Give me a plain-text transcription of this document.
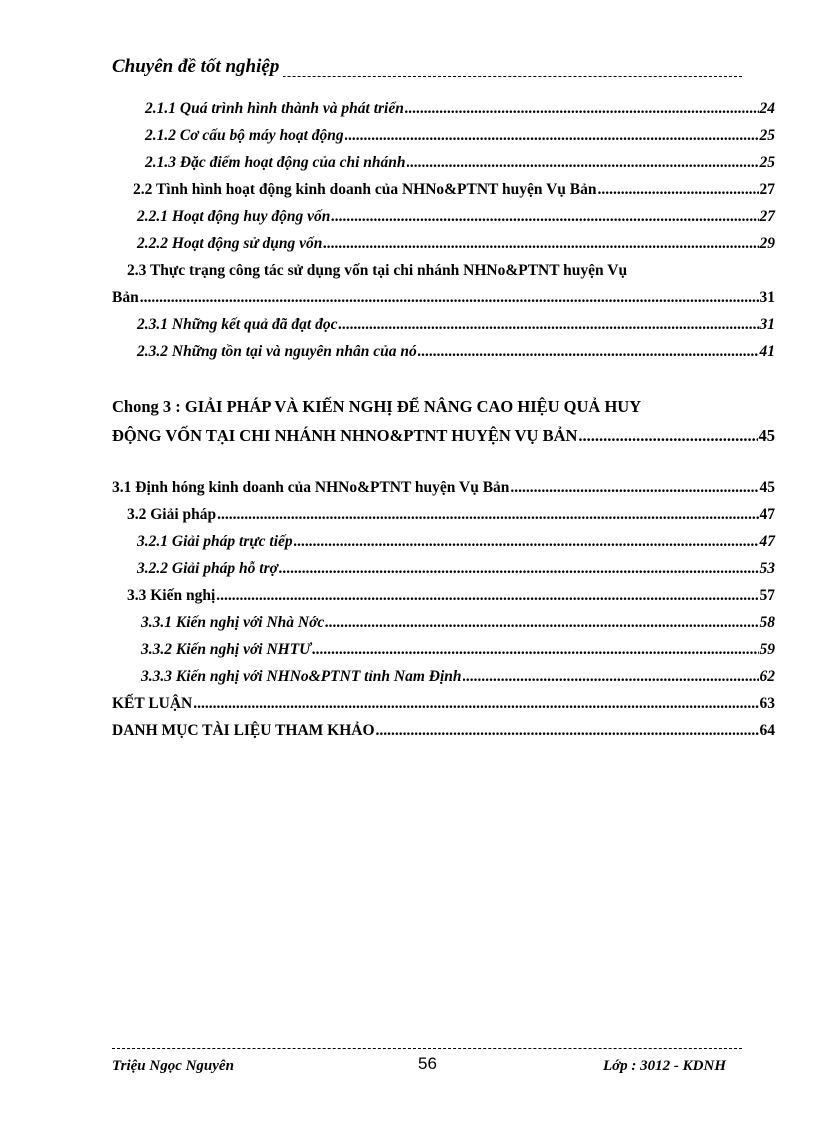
Chuyên đề tốt nghiệp
2.1.1 Quá trình hình thành và phát triển .....	24
2.1.2 Cơ cấu bộ máy hoạt động .....	25
2.1.3 Đặc điểm hoạt động của chi nhánh .....	25
2.2 Tình hình hoạt động kinh doanh của NHNo&PTNT huyện Vụ Bản .....	27
2.2.1 Hoạt động huy động vốn .....	27
2.2.2 Hoạt động sử dụng vốn .....	29
2.3 Thực trạng công tác sử dụng vốn tại chi nhánh NHNo&PTNT huyện Vụ
Bản .....	31
2.3.1 Những kết quả đã đạt đọc .....	31
2.3.2 Những tồn tại và nguyên nhân của nó .....	41
Chong 3 : GIẢI PHÁP VÀ KIẾN NGHỊ ĐỂ NÂNG CAO HIỆU QUẢ HUY
ĐỘNG VỐN TẠI CHI NHÁNH NHNO&PTNT HUYỆN VỤ BẢN .....	45
3.1 Định hóng kinh doanh của NHNo&PTNT huyện Vụ Bản .....	45
3.2 Giải pháp .....	47
3.2.1 Giải pháp trực tiếp .....	47
3.2.2 Giải pháp hỗ trợ .....	53
3.3 Kiến nghị .....	57
3.3.1 Kiến nghị với Nhà Nớc .....	58
3.3.2 Kiến nghị với NHTƯ .....	59
3.3.3 Kiến nghị với NHNo&PTNT tỉnh Nam Định .....	62
KẾT LUẬN .....	63
DANH MỤC TÀI LIỆU THAM KHẢO .....	64
Triệu Ngọc Nguyên	56	Lớp : 3012 - KDNH
